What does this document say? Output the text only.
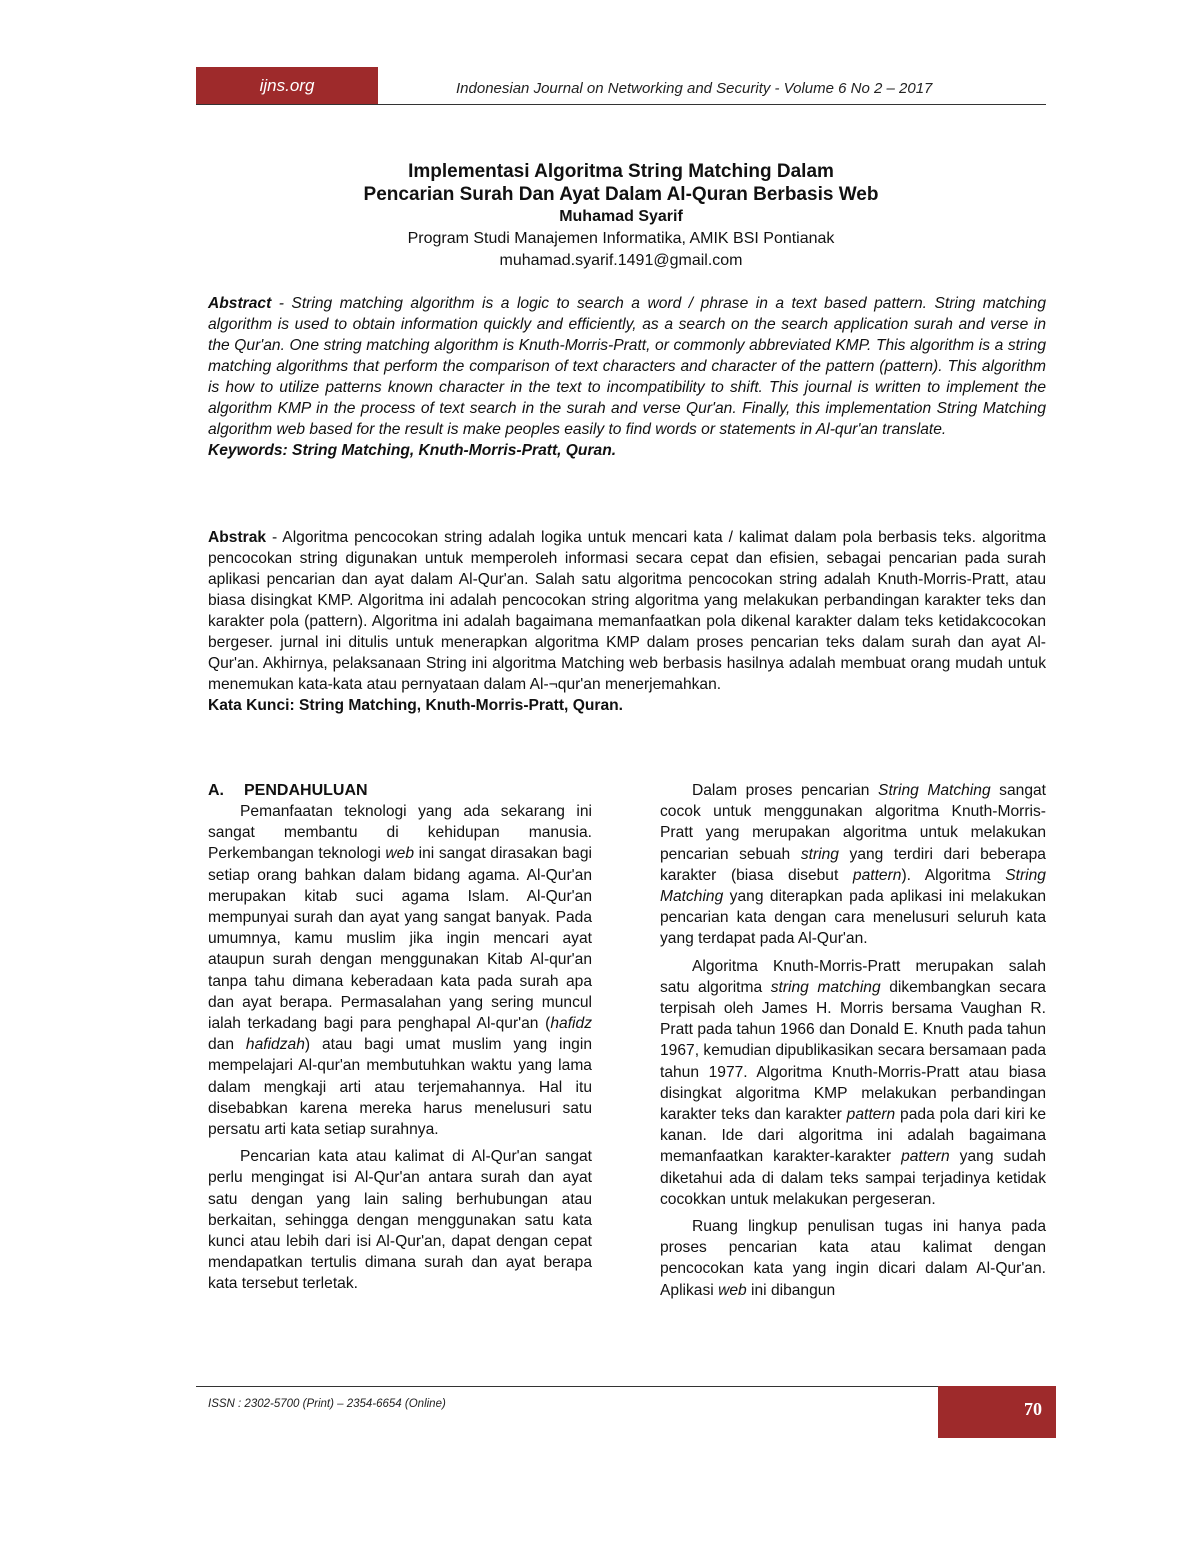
ijns.org	Indonesian Journal on Networking and Security - Volume 6 No 2 – 2017
Implementasi Algoritma String Matching Dalam
Pencarian Surah Dan Ayat Dalam Al-Quran Berbasis Web
Muhamad Syarif
Program Studi Manajemen Informatika, AMIK BSI Pontianak
muhamad.syarif.1491@gmail.com
Abstract - String matching algorithm is a logic to search a word / phrase in a text based pattern. String matching algorithm is used to obtain information quickly and efficiently, as a search on the search application surah and verse in the Qur'an. One string matching algorithm is Knuth-Morris-Pratt, or commonly abbreviated KMP. This algorithm is a string matching algorithms that perform the comparison of text characters and character of the pattern (pattern). This algorithm is how to utilize patterns known character in the text to incompatibility to shift. This journal is written to implement the algorithm KMP in the process of text search in the surah and verse Qur'an. Finally, this implementation String Matching algorithm web based for the result is make peoples easily to find words or statements in Al-qur'an translate.
Keywords: String Matching, Knuth-Morris-Pratt, Quran.
Abstrak - Algoritma pencocokan string adalah logika untuk mencari kata / kalimat dalam pola berbasis teks. algoritma pencocokan string digunakan untuk memperoleh informasi secara cepat dan efisien, sebagai pencarian pada surah aplikasi pencarian dan ayat dalam Al-Qur'an. Salah satu algoritma pencocokan string adalah Knuth-Morris-Pratt, atau biasa disingkat KMP. Algoritma ini adalah pencocokan string algoritma yang melakukan perbandingan karakter teks dan karakter pola (pattern). Algoritma ini adalah bagaimana memanfaatkan pola dikenal karakter dalam teks ketidakcocokan bergeser. jurnal ini ditulis untuk menerapkan algoritma KMP dalam proses pencarian teks dalam surah dan ayat Al-Qur'an. Akhirnya, pelaksanaan String ini algoritma Matching web berbasis hasilnya adalah membuat orang mudah untuk menemukan kata-kata atau pernyataan dalam Al-¬qur'an menerjemahkan.
Kata Kunci: String Matching, Knuth-Morris-Pratt, Quran.
A. PENDAHULUAN

Pemanfaatan teknologi yang ada sekarang ini sangat membantu di kehidupan manusia. Perkembangan teknologi web ini sangat dirasakan bagi setiap orang bahkan dalam bidang agama. Al-Qur'an merupakan kitab suci agama Islam. Al-Qur'an mempunyai surah dan ayat yang sangat banyak. Pada umumnya, kamu muslim jika ingin mencari ayat ataupun surah dengan menggunakan Kitab Al-qur'an tanpa tahu dimana keberadaan kata pada surah apa dan ayat berapa. Permasalahan yang sering muncul ialah terkadang bagi para penghapal Al-qur'an (hafidz dan hafidzah) atau bagi umat muslim yang ingin mempelajari Al-qur'an membutuhkan waktu yang lama dalam mengkaji arti atau terjemahannya. Hal itu disebabkan karena mereka harus menelusuri satu persatu arti kata setiap surahnya.

Pencarian kata atau kalimat di Al-Qur'an sangat perlu mengingat isi Al-Qur'an antara surah dan ayat satu dengan yang lain saling berhubungan atau berkaitan, sehingga dengan menggunakan satu kata kunci atau lebih dari isi Al-Qur'an, dapat dengan cepat mendapatkan tertulis dimana surah dan ayat berapa kata tersebut terletak.

Dalam proses pencarian String Matching sangat cocok untuk menggunakan algoritma Knuth-Morris-Pratt yang merupakan algoritma untuk melakukan pencarian sebuah string yang terdiri dari beberapa karakter (biasa disebut pattern). Algoritma String Matching yang diterapkan pada aplikasi ini melakukan pencarian kata dengan cara menelusuri seluruh kata yang terdapat pada Al-Qur'an.

Algoritma Knuth-Morris-Pratt merupakan salah satu algoritma string matching dikembangkan secara terpisah oleh James H. Morris bersama Vaughan R. Pratt pada tahun 1966 dan Donald E. Knuth pada tahun 1967, kemudian dipublikasikan secara bersamaan pada tahun 1977. Algoritma Knuth-Morris-Pratt atau biasa disingkat algoritma KMP melakukan perbandingan karakter teks dan karakter pattern pada pola dari kiri ke kanan. Ide dari algoritma ini adalah bagaimana memanfaatkan karakter-karakter pattern yang sudah diketahui ada di dalam teks sampai terjadinya ketidak cocokkan untuk melakukan pergeseran.

Ruang lingkup penulisan tugas ini hanya pada proses pencarian kata atau kalimat dengan pencocokan kata yang ingin dicari dalam Al-Qur'an. Aplikasi web ini dibangun

ISSN : 2302-5700 (Print) – 2354-6654 (Online)	70
